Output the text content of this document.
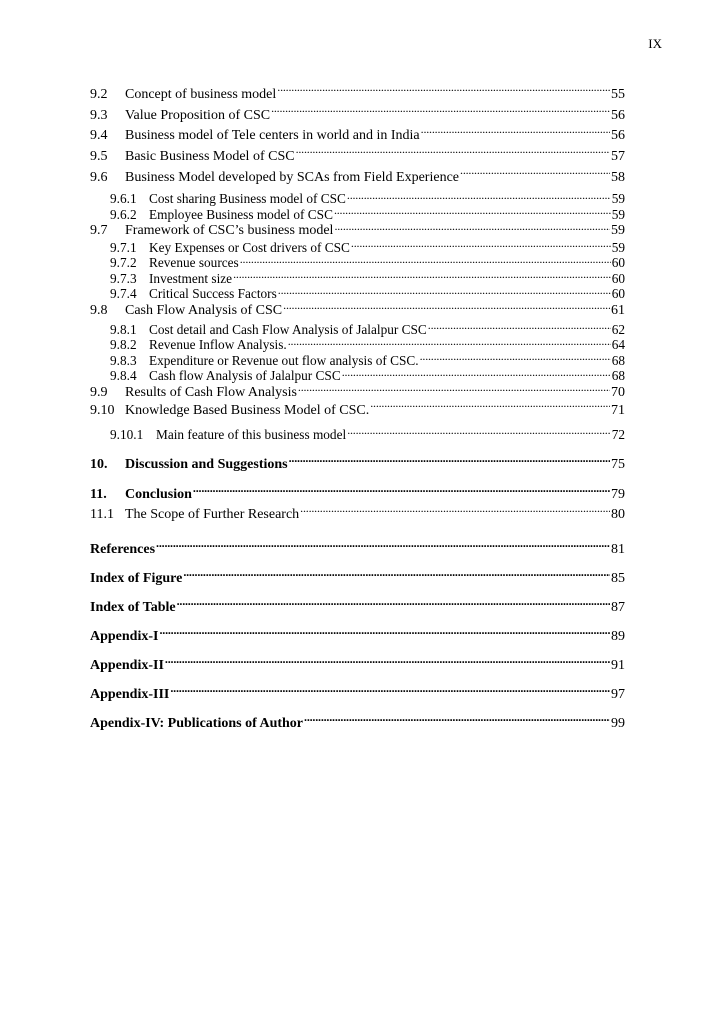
IX
9.2	Concept of business model . . .	55
9.3	Value Proposition of CSC . . .	56
9.4	Business model of Tele centers in world and in India . . .	56
9.5	Basic Business Model of CSC . . .	57
9.6	Business Model developed by SCAs from Field Experience . . .	58
9.6.1 Cost sharing Business model of CSC . . .	59
9.6.2 Employee Business model of CSC . . .	59
9.7	Framework of CSC’s business model . . .	59
9.7.1 Key Expenses or Cost drivers of CSC . . .	59
9.7.2 Revenue sources . . .	60
9.7.3 Investment size . . .	60
9.7.4 Critical Success Factors . . .	60
9.8	Cash Flow Analysis of CSC . . .	61
9.8.1 Cost detail and Cash Flow Analysis of Jalalpur CSC . . .	62
9.8.2 Revenue Inflow Analysis. . . .	64
9.8.3 Expenditure or Revenue out flow analysis of CSC. . . .	68
9.8.4 Cash flow Analysis of Jalalpur CSC . . .	68
9.9	Results of Cash Flow Analysis . . .	70
9.10 Knowledge Based Business Model of CSC. . . .	71
9.10.1 Main feature of this business model . . .	72
10.	Discussion and Suggestions . . .	75
11.	Conclusion . . .	79
11.1 The Scope of Further Research . . .	80
References . . .	81
Index of Figure . . .	85
Index of Table . . .	87
Appendix-I . . .	89
Appendix-II . . .	91
Appendix-III . . .	97
Apendix-IV: Publications of Author . . .	99
